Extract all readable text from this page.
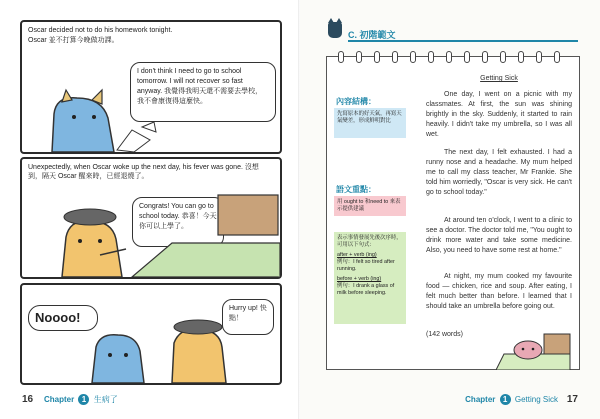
Oscar decided not to do his homework tonight.
Oscar 並不打算今晚做功課。
I don't think I need to go to school tomorrow. I will not recover so fast anyway. 我覺得我明天還不需要去學校，我不會康復得這麼快。
Unexpectedly, when Oscar woke up the next day, his fever was gone. 沒想到，隔天 Oscar 醒來時，已經退燒了。
Congrats! You can go to school today. 恭喜！今天你可以上學了。
Noooo!
Hurry up! 快點！
16 Chapter 1 生病了
C. 初階範文
內容結構：
先寫原本的好天氣，再寫天氣變差，形成鮮明對比
語文重點：
用 ought to 和need to 來表示提供建議
表示事情發展先後次序時，可用以下句式：
after + verb (ing)
例句：I felt so tired after running.
before + verb (ing)
例句：I drank a glass of milk before sleeping.
Getting Sick
One day, I went on a picnic with my classmates. At first, the sun was shining brightly in the sky. Suddenly, it started to rain heavily. I didn't take my umbrella, so I was all wet.
The next day, I felt exhausted. I had a runny nose and a headache. My mum helped me to call my class teacher, Mr Frankie. She told him worriedly, "Oscar is very sick. He can't go to school today."
At around ten o'clock, I went to a clinic to see a doctor. The doctor told me, "You ought to drink more water and take some medicine. Also, you need to have some rest at home."
At night, my mum cooked my favourite food — chicken, rice and soup. After eating, I felt much better than before. I learned that I should take an umbrella before going out.
(142 words)
Chapter 1 Getting Sick 17
